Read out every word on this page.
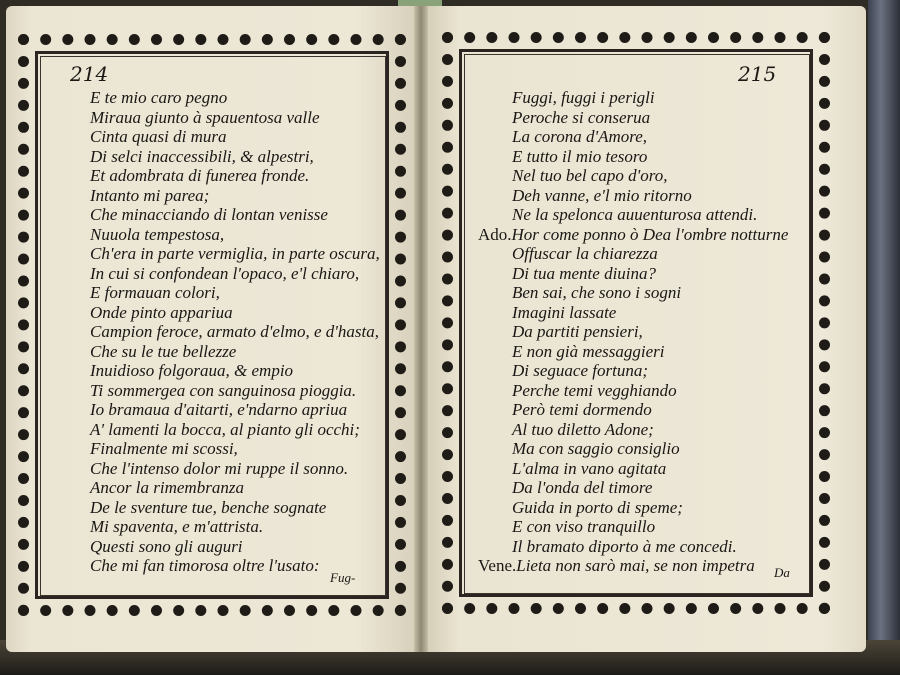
214	215
E te mio caro pegno
Miraua giunto à spauentosa valle
Cinta quasi di mura
Di selci inaccessibili, & alpestri,
Et adombrata di funerea fronde.
Intanto mi parea;
Che minacciando di lontan venisse
Nuuola tempestosa,
Ch'era in parte vermiglia, in parte oscura,
In cui si confondean l'opaco, e'l chiaro,
E formauan colori,
Onde pinto appariua
Campion feroce, armato d'elmo, e d'hasta,
Che su le tue bellezze
Inuidioso folgoraua, & empio
Ti sommergea con sanguinosa pioggia.
Io bramaua d'aitarti, e'ndarno apriua
A' lamenti la bocca, al pianto gli occhi;
Finalmente mi scossi,
Che l'intenso dolor mi ruppe il sonno.
Ancor la rimembranza
De le sventure tue, benche sognate
Mi spaventa, e m'attrista.
Questi sono gli auguri
Che mi fan timorosa oltre l'usato:
Fuggi, fuggi i perigli
Peroche si conserua
La corona d'Amore,
E tutto il mio tesoro
Nel tuo bel capo d'oro,
Deh vanne, e'l mio ritorno
Ne la spelonca auuenturosa attendi.
Ado.Hor come ponno ò Dea l'ombre notturne
Offuscar la chiarezza
Di tua mente diuina?
Ben sai, che sono i sogni
Imagini lassate
Da partiti pensieri,
E non già messaggieri
Di seguace fortuna;
Perche temi vegghiando
Però temi dormendo
Al tuo diletto Adone;
Ma con saggio consiglio
L'alma in vano agitata
Da l'onda del timore
Guida in porto di speme;
E con viso tranquillo
Il bramato diporto à me concedi.
Vene.Lieta non sarò mai, se non impetra
Fug-	Da
